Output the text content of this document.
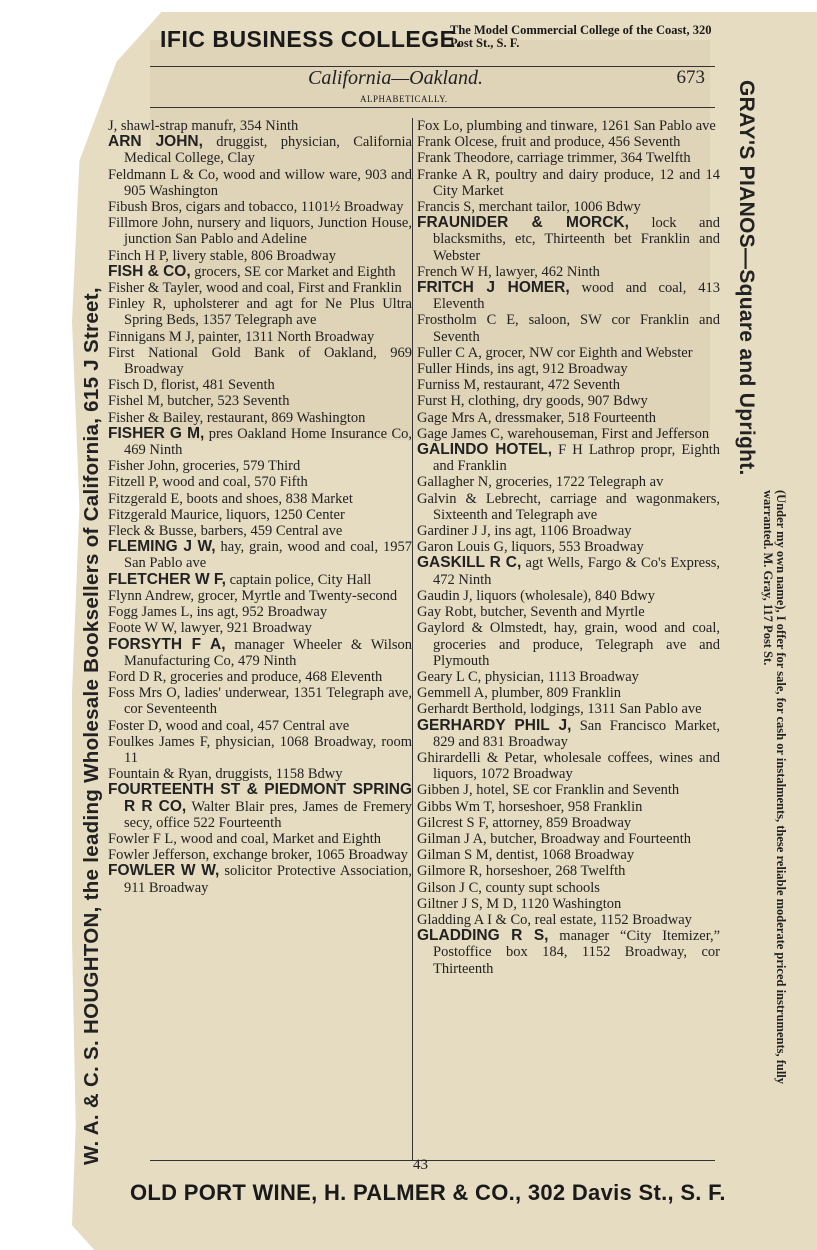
IFIC BUSINESS COLLEGE.
The Model Commercial College of the Coast, 320 Post St., S. F.
California—Oakland.	673
ALPHABETICALLY.

J, shawl-strap manufr, 354 Ninth

ARN JOHN, druggist, physician, California Medical College, Clay

Feldmann L & Co, wood and willow ware, 903 and 905 Washington

Fibush Bros, cigars and tobacco, 1101½ Broadway

Fillmore John, nursery and liquors, Junction House, junction San Pablo and Adeline

Finch H P, livery stable, 806 Broadway

FISH & CO, grocers, SE cor Market and Eighth

Fisher & Tayler, wood and coal, First and Franklin

Finley R, upholsterer and agt for Ne Plus Ultra Spring Beds, 1357 Telegraph ave

Finnigans M J, painter, 1311 North Broadway

First National Gold Bank of Oakland, 969 Broadway

Fisch D, florist, 481 Seventh

Fishel M, butcher, 523 Seventh

Fisher & Bailey, restaurant, 869 Washington

FISHER G M, pres Oakland Home Insurance Co, 469 Ninth

Fisher John, groceries, 579 Third

Fitzell P, wood and coal, 570 Fifth

Fitzgerald E, boots and shoes, 838 Market

Fitzgerald Maurice, liquors, 1250 Center

Fleck & Busse, barbers, 459 Central ave

FLEMING J W, hay, grain, wood and coal, 1957 San Pablo ave

FLETCHER W F, captain police, City Hall

Flynn Andrew, grocer, Myrtle and Twenty-second

Fogg James L, ins agt, 952 Broadway

Foote W W, lawyer, 921 Broadway

FORSYTH F A, manager Wheeler & Wilson Manufacturing Co, 479 Ninth

Ford D R, groceries and produce, 468 Eleventh

Foss Mrs O, ladies' underwear, 1351 Telegraph ave, cor Seventeenth

Foster D, wood and coal, 457 Central ave

Foulkes James F, physician, 1068 Broadway, room 11

Fountain & Ryan, druggists, 1158 Bdwy

FOURTEENTH ST & PIEDMONT SPRING R R CO, Walter Blair pres, James de Fremery secy, office 522 Fourteenth

Fowler F L, wood and coal, Market and Eighth

Fowler Jefferson, exchange broker, 1065 Broadway

FOWLER W W, solicitor Protective Association, 911 Broadway

Fox Lo, plumbing and tinware, 1261 San Pablo ave

Frank Olcese, fruit and produce, 456 Seventh

Frank Theodore, carriage trimmer, 364 Twelfth

Franke A R, poultry and dairy produce, 12 and 14 City Market

Francis S, merchant tailor, 1006 Bdwy

FRAUNIDER & MORCK, lock and blacksmiths, etc, Thirteenth bet Franklin and Webster

French W H, lawyer, 462 Ninth

FRITCH J HOMER, wood and coal, 413 Eleventh

Frostholm C E, saloon, SW cor Franklin and Seventh

Fuller C A, grocer, NW cor Eighth and Webster

Fuller Hinds, ins agt, 912 Broadway

Furniss M, restaurant, 472 Seventh

Furst H, clothing, dry goods, 907 Bdwy

Gage Mrs A, dressmaker, 518 Fourteenth

Gage James C, warehouseman, First and Jefferson

GALINDO HOTEL, F H Lathrop propr, Eighth and Franklin

Gallagher N, groceries, 1722 Telegraph av

Galvin & Lebrecht, carriage and wagonmakers, Sixteenth and Telegraph ave

Gardiner J J, ins agt, 1106 Broadway

Garon Louis G, liquors, 553 Broadway

GASKILL R C, agt Wells, Fargo & Co's Express, 472 Ninth

Gaudin J, liquors (wholesale), 840 Bdwy

Gay Robt, butcher, Seventh and Myrtle

Gaylord & Olmstedt, hay, grain, wood and coal, groceries and produce, Telegraph ave and Plymouth

Geary L C, physician, 1113 Broadway

Gemmell A, plumber, 809 Franklin

Gerhardt Berthold, lodgings, 1311 San Pablo ave

GERHARDY PHIL J, San Francisco Market, 829 and 831 Broadway

Ghirardelli & Petar, wholesale coffees, wines and liquors, 1072 Broadway

Gibben J, hotel, SE cor Franklin and Seventh

Gibbs Wm T, horseshoer, 958 Franklin

Gilcrest S F, attorney, 859 Broadway

Gilman J A, butcher, Broadway and Fourteenth

Gilman S M, dentist, 1068 Broadway

Gilmore R, horseshoer, 268 Twelfth

Gilson J C, county supt schools

Giltner J S, M D, 1120 Washington

Gladding A I & Co, real estate, 1152 Broadway

GLADDING R S, manager “City Itemizer,” Postoffice box 184, 1152 Broadway, cor Thirteenth

43
OLD PORT WINE, H. PALMER & CO., 302 Davis St., S. F.
W. A. & C. S. HOUGHTON, the leading Wholesale Booksellers of California, 615 J Street,
GRAY'S PIANOS—Square and Upright.
(Under my own name), I offer for sale, for cash or instalments, these reliable moderate priced instruments, fully warranted. M. Gray, 117 Post St.
